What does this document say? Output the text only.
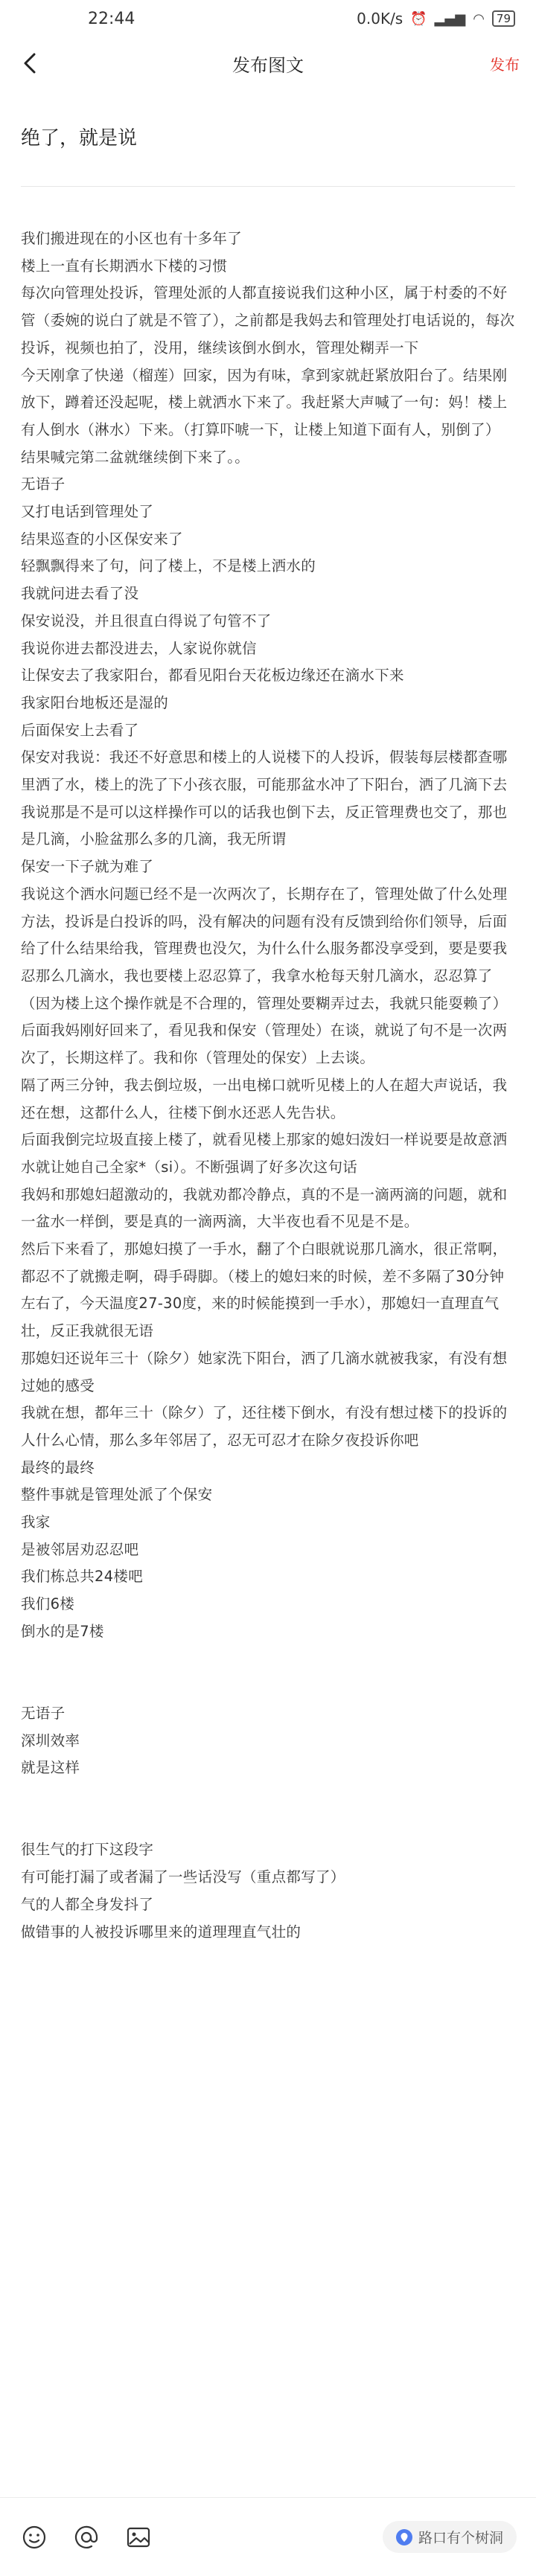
22:44	0.0K/s ⏰ ▂▄▆ ◠	79
发布图文	发布
绝了，就是说
我们搬进现在的小区也有十多年了
楼上一直有长期洒水下楼的习惯
每次向管理处投诉，管理处派的人都直接说我们这种小区，属于村委的不好管（委婉的说白了就是不管了），之前都是我妈去和管理处打电话说的，每次投诉，视频也拍了，没用，继续该倒水倒水，管理处糊弄一下
今天刚拿了快递（榴莲）回家，因为有味，拿到家就赶紧放阳台了。结果刚放下，蹲着还没起呢，楼上就洒水下来了。我赶紧大声喊了一句：妈！楼上有人倒水（淋水）下来。（打算吓唬一下，让楼上知道下面有人，别倒了）
结果喊完第二盆就继续倒下来了。。
无语子
又打电话到管理处了
结果巡查的小区保安来了
轻飘飘得来了句，问了楼上，不是楼上洒水的
我就问进去看了没
保安说没，并且很直白得说了句管不了
我说你进去都没进去，人家说你就信
让保安去了我家阳台，都看见阳台天花板边缘还在滴水下来
我家阳台地板还是湿的
后面保安上去看了
保安对我说：我还不好意思和楼上的人说楼下的人投诉，假装每层楼都查哪里洒了水，楼上的洗了下小孩衣服，可能那盆水冲了下阳台，洒了几滴下去
我说那是不是可以这样操作可以的话我也倒下去，反正管理费也交了，那也是几滴，小脸盆那么多的几滴，我无所谓
保安一下子就为难了
我说这个洒水问题已经不是一次两次了，长期存在了，管理处做了什么处理方法，投诉是白投诉的吗，没有解决的问题有没有反馈到给你们领导，后面给了什么结果给我，管理费也没欠，为什么什么服务都没享受到，要是要我忍那么几滴水，我也要楼上忍忍算了，我拿水枪每天射几滴水，忍忍算了（因为楼上这个操作就是不合理的，管理处要糊弄过去，我就只能耍赖了）
后面我妈刚好回来了，看见我和保安（管理处）在谈，就说了句不是一次两次了，长期这样了。我和你（管理处的保安）上去谈。
隔了两三分钟，我去倒垃圾，一出电梯口就听见楼上的人在超大声说话，我还在想，这都什么人，往楼下倒水还恶人先告状。
后面我倒完垃圾直接上楼了，就看见楼上那家的媳妇泼妇一样说要是故意洒水就让她自己全家*（si）。不断强调了好多次这句话
我妈和那媳妇超激动的，我就劝都冷静点，真的不是一滴两滴的问题，就和一盆水一样倒，要是真的一滴两滴，大半夜也看不见是不是。
然后下来看了，那媳妇摸了一手水，翻了个白眼就说那几滴水，很正常啊，都忍不了就搬走啊，碍手碍脚。（楼上的媳妇来的时候，差不多隔了30分钟左右了，今天温度27-30度，来的时候能摸到一手水），那媳妇一直理直气壮，反正我就很无语
那媳妇还说年三十（除夕）她家洗下阳台，洒了几滴水就被我家，有没有想过她的感受
我就在想，都年三十（除夕）了，还往楼下倒水，有没有想过楼下的投诉的人什么心情，那么多年邻居了，忍无可忍才在除夕夜投诉你吧
最终的最终
整件事就是管理处派了个保安
我家
是被邻居劝忍忍吧
我们栋总共24楼吧
我们6楼
倒水的是7楼
无语子
深圳效率
就是这样
很生气的打下这段字
有可能打漏了或者漏了一些话没写（重点都写了）
气的人都全身发抖了
做错事的人被投诉哪里来的道理理直气壮的
路口有个树洞
